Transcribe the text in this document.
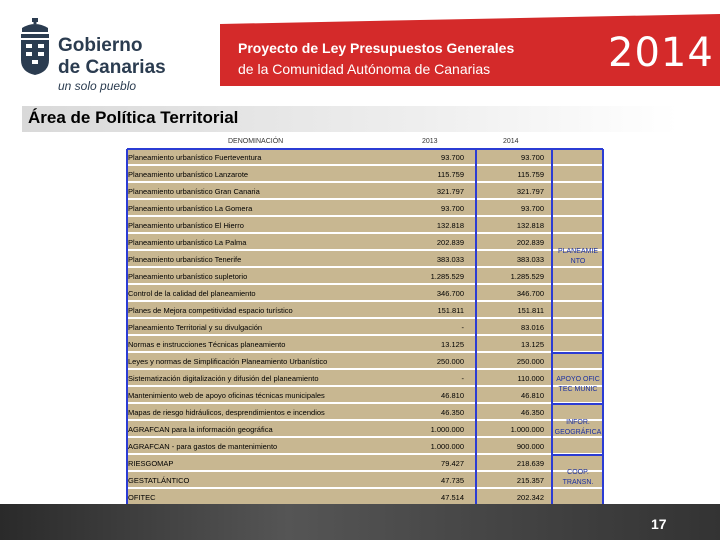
Gobierno
de Canarias
un solo pueblo
Proyecto de Ley Presupuestos Generales
de la Comunidad Autónoma de Canarias	2014
Área de Política Territorial
DENOMINACIÓN	2013	2014
Planeamiento urbanístico Fuerteventura	93.700	93.700
Planeamiento urbanístico Lanzarote	115.759	115.759
Planeamiento urbanístico Gran Canaria	321.797	321.797
Planeamiento urbanístico La Gomera	93.700	93.700
Planeamiento urbanístico El Hierro	132.818	132.818
Planeamiento urbanístico La Palma	202.839	202.839
Planeamiento urbanístico Tenerife	383.033	383.033
Planeamiento urbanístico supletorio	1.285.529	1.285.529
Control de la calidad del planeamiento	346.700	346.700
Planes de Mejora competitividad espacio turístico	151.811	151.811
Planeamiento Territorial y su divulgación	-	83.016
Normas e instrucciones Técnicas planeamiento	13.125	13.125
Leyes y normas de Simplificación Planeamiento Urbanístico	250.000	250.000
Sistematización digitalización y difusión del planeamiento	-	110.000
Mantenimiento web de apoyo oficinas técnicas municipales	46.810	46.810
Mapas de riesgo hidráulicos, desprendimientos e incendios	46.350	46.350
AGRAFCAN para la información geográfica	1.000.000	1.000.000
AGRAFCAN - para gastos de mantenimiento	1.000.000	900.000
RIESGOMAP	79.427	218.639
GESTATLÁNTICO	47.735	215.357
OFITEC	47.514	202.342
PLANEAMIE NTO
APOYO OFIC TEC MUNIC
INFOR. GEOGRÁFICA
COOP. TRANSN.
17
